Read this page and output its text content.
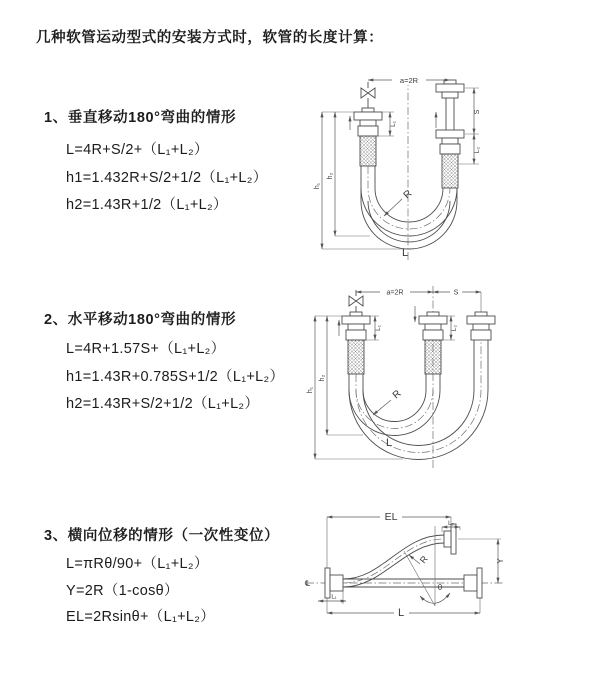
几种软管运动型式的安装方式时，软管的长度计算：
1、垂直移动180°弯曲的情形
L=4R+S/2+（L₁+L₂）
h1=1.432R+S/2+1/2（L₁+L₂）
h2=1.43R+1/2（L₁+L₂）
2、水平移动180°弯曲的情形
L=4R+1.57S+（L₁+L₂）
h1=1.43R+0.785S+1/2（L₁+L₂）
h2=1.43R+S/2+1/2（L₁+L₂）
3、横向位移的情形（一次性变位）
L=πRθ/90+（L₁+L₂）
Y=2R（1-cosθ）
EL=2Rsinθ+（L₁+L₂）
a=2R
h₁
h₂
S
L₂
L₁
R
L
a=2R	S
h₁
h₂
L₁	L₂
R
L
℄
EL
L₂
Y
L
L₁
R
θ
